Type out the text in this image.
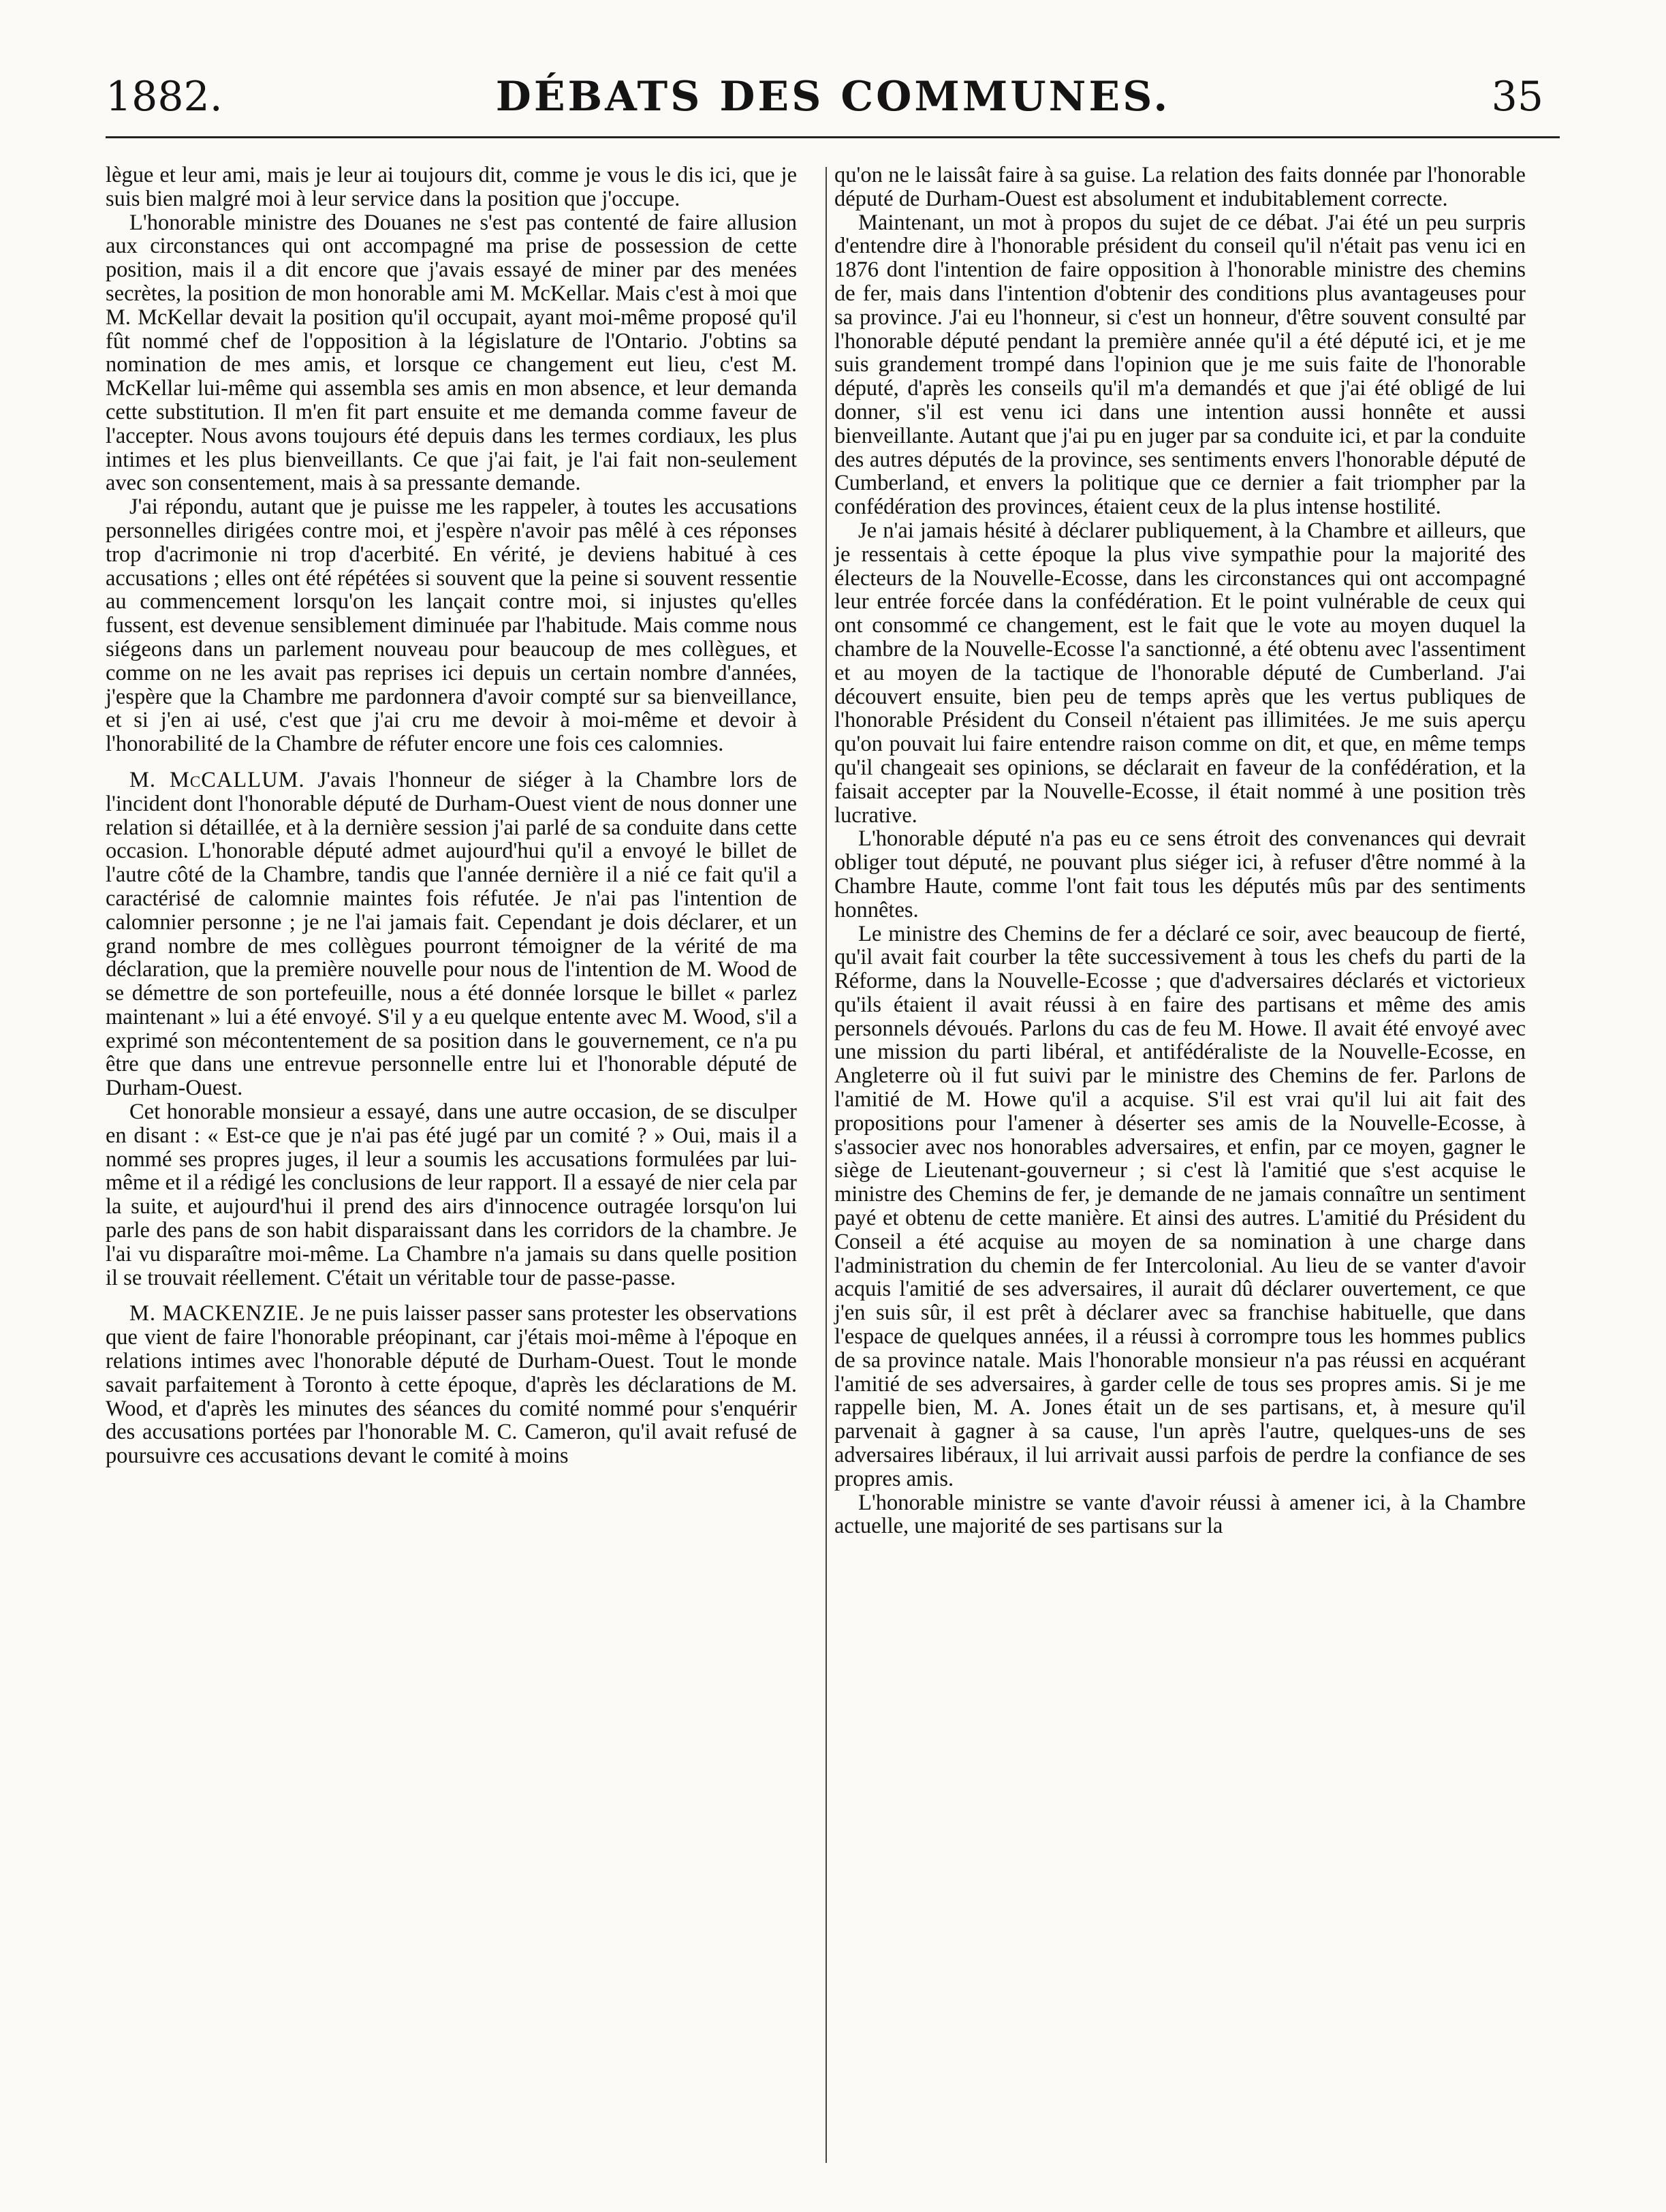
1882.	DÉBATS DES COMMUNES.	35

lègue et leur ami, mais je leur ai toujours dit, comme je vous le dis ici, que je suis bien malgré moi à leur service dans la position que j'occupe.

L'honorable ministre des Douanes ne s'est pas contenté de faire allusion aux circonstances qui ont accompagné ma prise de possession de cette position, mais il a dit encore que j'avais essayé de miner par des menées secrètes, la position de mon honorable ami M. McKellar. Mais c'est à moi que M. McKellar devait la position qu'il occupait, ayant moi-même proposé qu'il fût nommé chef de l'opposition à la législature de l'Ontario. J'obtins sa nomination de mes amis, et lorsque ce changement eut lieu, c'est M. McKellar lui-même qui assembla ses amis en mon absence, et leur demanda cette substitution. Il m'en fit part ensuite et me demanda comme faveur de l'accepter. Nous avons toujours été depuis dans les termes cordiaux, les plus intimes et les plus bienveillants. Ce que j'ai fait, je l'ai fait non-seulement avec son consentement, mais à sa pressante demande.

J'ai répondu, autant que je puisse me les rappeler, à toutes les accusations personnelles dirigées contre moi, et j'espère n'avoir pas mêlé à ces réponses trop d'acrimonie ni trop d'acerbité. En vérité, je deviens habitué à ces accusations ; elles ont été répétées si souvent que la peine si souvent ressentie au commencement lorsqu'on les lançait contre moi, si injustes qu'elles fussent, est devenue sensiblement diminuée par l'habitude. Mais comme nous siégeons dans un parlement nouveau pour beaucoup de mes collègues, et comme on ne les avait pas reprises ici depuis un certain nombre d'années, j'espère que la Chambre me pardonnera d'avoir compté sur sa bienveillance, et si j'en ai usé, c'est que j'ai cru me devoir à moi-même et devoir à l'honorabilité de la Chambre de réfuter encore une fois ces calomnies.

M. McCALLUM. J'avais l'honneur de siéger à la Chambre lors de l'incident dont l'honorable député de Durham-Ouest vient de nous donner une relation si détaillée, et à la dernière session j'ai parlé de sa conduite dans cette occasion. L'honorable député admet aujourd'hui qu'il a envoyé le billet de l'autre côté de la Chambre, tandis que l'année dernière il a nié ce fait qu'il a caractérisé de calomnie maintes fois réfutée. Je n'ai pas l'intention de calomnier personne ; je ne l'ai jamais fait. Cependant je dois déclarer, et un grand nombre de mes collègues pourront témoigner de la vérité de ma déclaration, que la première nouvelle pour nous de l'intention de M. Wood de se démettre de son portefeuille, nous a été donnée lorsque le billet « parlez maintenant » lui a été envoyé. S'il y a eu quelque entente avec M. Wood, s'il a exprimé son mécontentement de sa position dans le gouvernement, ce n'a pu être que dans une entrevue personnelle entre lui et l'honorable député de Durham-Ouest.

Cet honorable monsieur a essayé, dans une autre occasion, de se disculper en disant : « Est-ce que je n'ai pas été jugé par un comité ? » Oui, mais il a nommé ses propres juges, il leur a soumis les accusations formulées par lui-même et il a rédigé les conclusions de leur rapport. Il a essayé de nier cela par la suite, et aujourd'hui il prend des airs d'innocence outragée lorsqu'on lui parle des pans de son habit disparaissant dans les corridors de la chambre. Je l'ai vu disparaître moi-même. La Chambre n'a jamais su dans quelle position il se trouvait réellement. C'était un véritable tour de passe-passe.

M. MACKENZIE. Je ne puis laisser passer sans protester les observations que vient de faire l'honorable préopinant, car j'étais moi-même à l'époque en relations intimes avec l'honorable député de Durham-Ouest. Tout le monde savait parfaitement à Toronto à cette époque, d'après les déclarations de M. Wood, et d'après les minutes des séances du comité nommé pour s'enquérir des accusations portées par l'honorable M. C. Cameron, qu'il avait refusé de poursuivre ces accusations devant le comité à moins

qu'on ne le laissât faire à sa guise. La relation des faits donnée par l'honorable député de Durham-Ouest est absolument et indubitablement correcte.

Maintenant, un mot à propos du sujet de ce débat. J'ai été un peu surpris d'entendre dire à l'honorable président du conseil qu'il n'était pas venu ici en 1876 dont l'intention de faire opposition à l'honorable ministre des chemins de fer, mais dans l'intention d'obtenir des conditions plus avantageuses pour sa province. J'ai eu l'honneur, si c'est un honneur, d'être souvent consulté par l'honorable député pendant la première année qu'il a été député ici, et je me suis grandement trompé dans l'opinion que je me suis faite de l'honorable député, d'après les conseils qu'il m'a demandés et que j'ai été obligé de lui donner, s'il est venu ici dans une intention aussi honnête et aussi bienveillante. Autant que j'ai pu en juger par sa conduite ici, et par la conduite des autres députés de la province, ses sentiments envers l'honorable député de Cumberland, et envers la politique que ce dernier a fait triompher par la confédération des provinces, étaient ceux de la plus intense hostilité.

Je n'ai jamais hésité à déclarer publiquement, à la Chambre et ailleurs, que je ressentais à cette époque la plus vive sympathie pour la majorité des électeurs de la Nouvelle-Ecosse, dans les circonstances qui ont accompagné leur entrée forcée dans la confédération. Et le point vulnérable de ceux qui ont consommé ce changement, est le fait que le vote au moyen duquel la chambre de la Nouvelle-Ecosse l'a sanctionné, a été obtenu avec l'assentiment et au moyen de la tactique de l'honorable député de Cumberland. J'ai découvert ensuite, bien peu de temps après que les vertus publiques de l'honorable Président du Conseil n'étaient pas illimitées. Je me suis aperçu qu'on pouvait lui faire entendre raison comme on dit, et que, en même temps qu'il changeait ses opinions, se déclarait en faveur de la confédération, et la faisait accepter par la Nouvelle-Ecosse, il était nommé à une position très lucrative.

L'honorable député n'a pas eu ce sens étroit des convenances qui devrait obliger tout député, ne pouvant plus siéger ici, à refuser d'être nommé à la Chambre Haute, comme l'ont fait tous les députés mûs par des sentiments honnêtes.

Le ministre des Chemins de fer a déclaré ce soir, avec beaucoup de fierté, qu'il avait fait courber la tête successivement à tous les chefs du parti de la Réforme, dans la Nouvelle-Ecosse ; que d'adversaires déclarés et victorieux qu'ils étaient il avait réussi à en faire des partisans et même des amis personnels dévoués. Parlons du cas de feu M. Howe. Il avait été envoyé avec une mission du parti libéral, et antifédéraliste de la Nouvelle-Ecosse, en Angleterre où il fut suivi par le ministre des Chemins de fer. Parlons de l'amitié de M. Howe qu'il a acquise. S'il est vrai qu'il lui ait fait des propositions pour l'amener à déserter ses amis de la Nouvelle-Ecosse, à s'associer avec nos honorables adversaires, et enfin, par ce moyen, gagner le siège de Lieutenant-gouverneur ; si c'est là l'amitié que s'est acquise le ministre des Chemins de fer, je demande de ne jamais connaître un sentiment payé et obtenu de cette manière. Et ainsi des autres. L'amitié du Président du Conseil a été acquise au moyen de sa nomination à une charge dans l'administration du chemin de fer Intercolonial. Au lieu de se vanter d'avoir acquis l'amitié de ses adversaires, il aurait dû déclarer ouvertement, ce que j'en suis sûr, il est prêt à déclarer avec sa franchise habituelle, que dans l'espace de quelques années, il a réussi à corrompre tous les hommes publics de sa province natale. Mais l'honorable monsieur n'a pas réussi en acquérant l'amitié de ses adversaires, à garder celle de tous ses propres amis. Si je me rappelle bien, M. A. Jones était un de ses partisans, et, à mesure qu'il parvenait à gagner à sa cause, l'un après l'autre, quelques-uns de ses adversaires libéraux, il lui arrivait aussi parfois de perdre la confiance de ses propres amis.

L'honorable ministre se vante d'avoir réussi à amener ici, à la Chambre actuelle, une majorité de ses partisans sur la
